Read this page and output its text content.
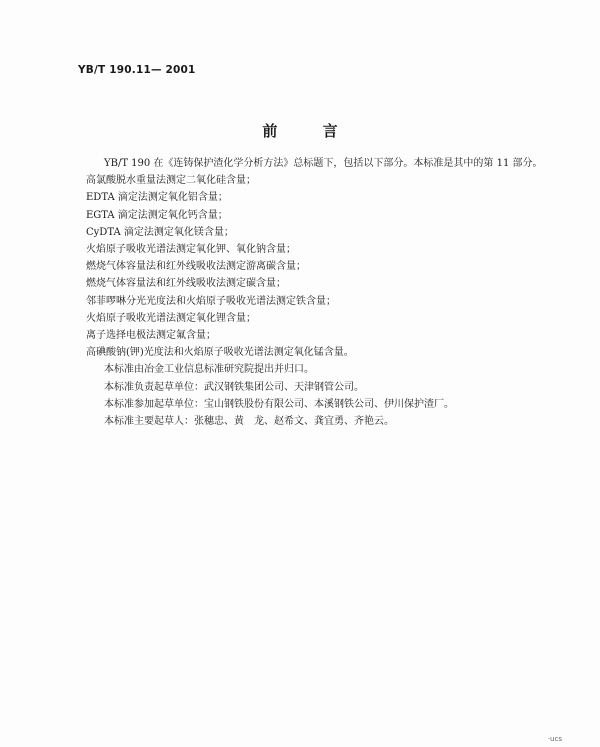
YB/T 190.11— 2001
前 言
YB/T 190 在《连铸保护渣化学分析方法》总标题下，包括以下部分。本标准是其中的第 11 部分。
高氯酸脱水重量法测定二氧化硅含量；
EDTA 滴定法测定氧化铝含量；
EGTA 滴定法测定氧化钙含量；
CyDTA 滴定法测定氧化镁含量；
火焰原子吸收光谱法测定氧化钾、氧化钠含量；
燃烧气体容量法和红外线吸收法测定游离碳含量；
燃烧气体容量法和红外线吸收法测定碳含量；
邻菲啰啉分光光度法和火焰原子吸收光谱法测定铁含量；
火焰原子吸收光谱法测定氧化锂含量；
离子选择电极法测定氟含量；
高碘酸钠(钾)光度法和火焰原子吸收光谱法测定氧化锰含量。
本标准由冶金工业信息标准研究院提出并归口。
本标准负责起草单位：武汉钢铁集团公司、天津钢管公司。
本标准参加起草单位：宝山钢铁股份有限公司、本溪钢铁公司、伊川保护渣厂。
本标准主要起草人：张穗忠、黄　龙、赵希文、龚宜勇、齐艳云。
·ucs
